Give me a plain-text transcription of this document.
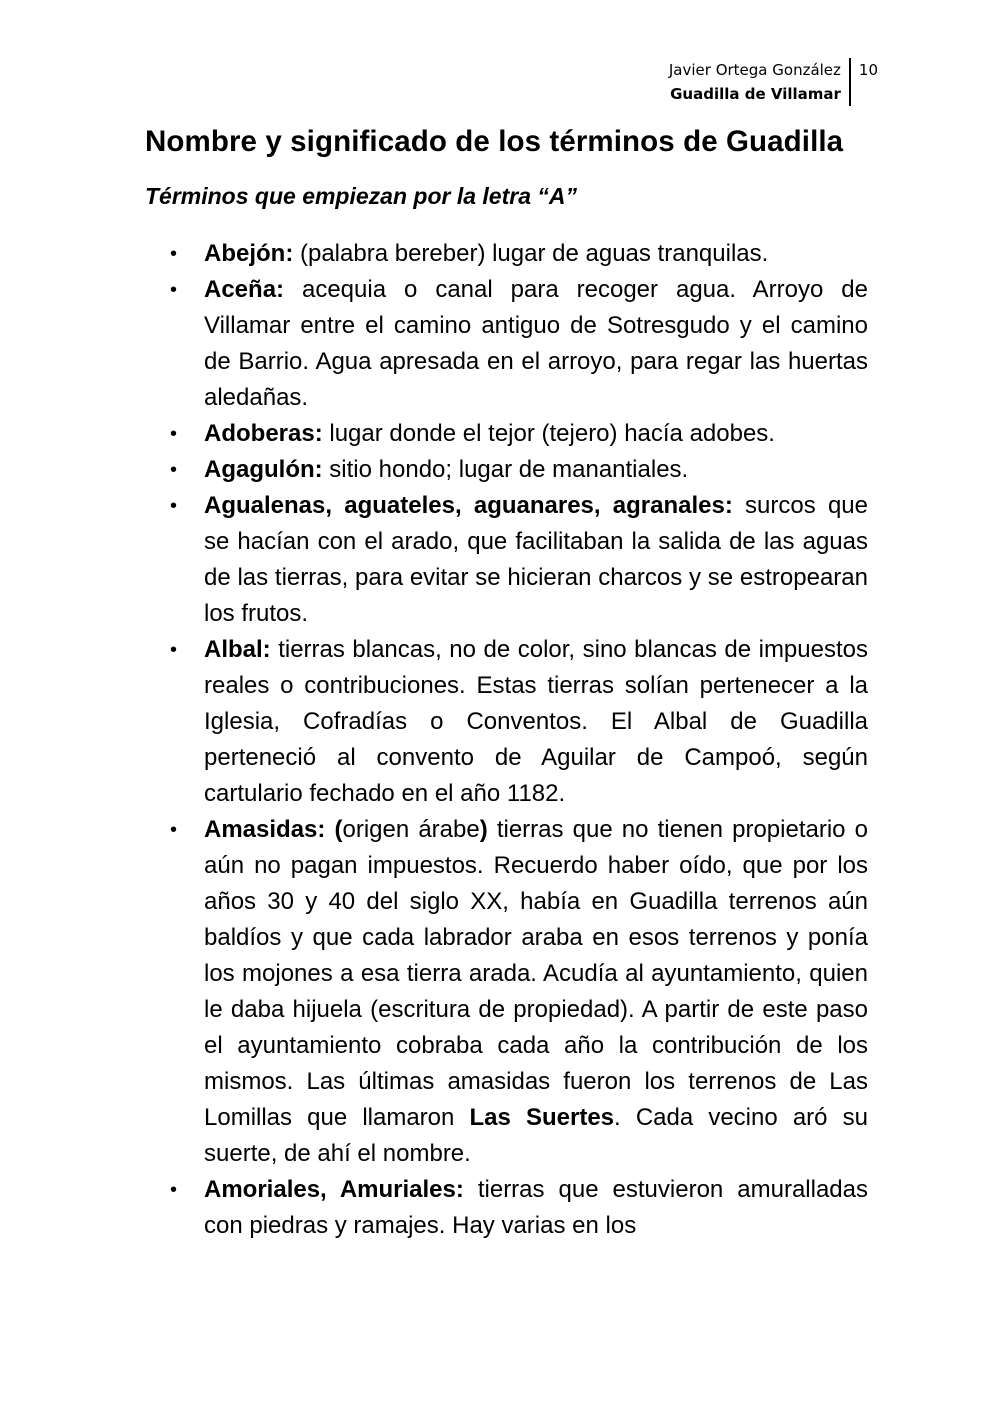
Javier Ortega González
Guadilla de Villamar
10
Nombre y significado de los términos de Guadilla
Términos que empiezan por la letra “A”
• Abejón: (palabra bereber) lugar de aguas tranquilas.
• Aceña: acequia o canal para recoger agua. Arroyo de Villamar entre el camino antiguo de Sotresgudo y el camino de Barrio. Agua apresada en el arroyo, para regar las huertas aledañas.
• Adoberas: lugar donde el tejor (tejero) hacía adobes.
• Agagulón: sitio hondo; lugar de manantiales.
• Agualenas, aguateles, aguanares, agranales: surcos que se hacían con el arado, que facilitaban la salida de las aguas de las tierras, para evitar se hicieran charcos y se estropearan los frutos.
• Albal: tierras blancas, no de color, sino blancas de impuestos reales o contribuciones. Estas tierras solían pertenecer a la Iglesia, Cofradías o Conventos. El Albal de Guadilla perteneció al convento de Aguilar de Campoó, según cartulario fechado en el año 1182.
• Amasidas: (origen árabe) tierras que no tienen propietario o aún no pagan impuestos. Recuerdo haber oído, que por los años 30 y 40 del siglo XX, había en Guadilla terrenos aún baldíos y que cada labrador araba en esos terrenos y ponía los mojones a esa tierra arada. Acudía al ayuntamiento, quien le daba hijuela (escritura de propiedad). A partir de este paso el ayuntamiento cobraba cada año la contribución de los mismos. Las últimas amasidas fueron los terrenos de Las Lomillas que llamaron Las Suertes. Cada vecino aró su suerte, de ahí el nombre.
• Amoriales, Amuriales: tierras que estuvieron amuralladas con piedras y ramajes. Hay varias en los
